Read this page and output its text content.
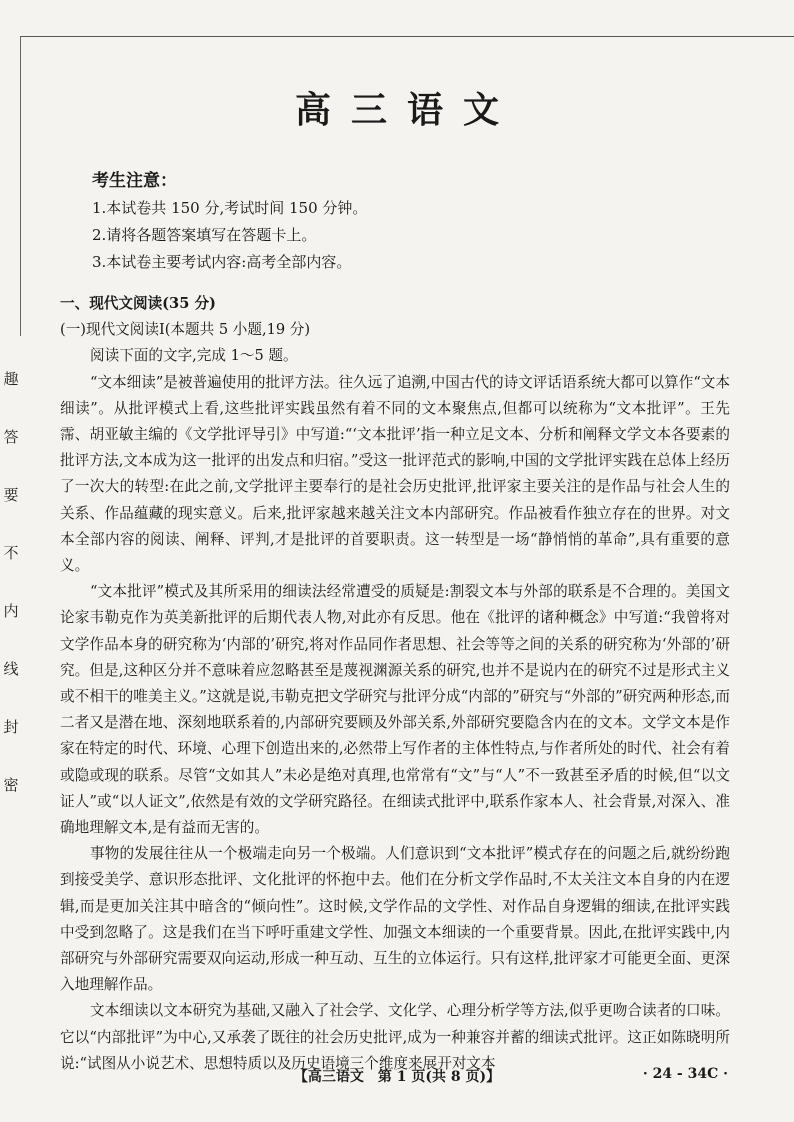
趣
答
要
不
内
线
封
密
高三语文
考生注意：
1.本试卷共 150 分,考试时间 150 分钟。
2.请将各题答案填写在答题卡上。
3.本试卷主要考试内容:高考全部内容。

一、现代文阅读(35 分)

(一)现代文阅读Ⅰ(本题共 5 小题,19 分)

阅读下面的文字,完成 1～5 题。

“文本细读”是被普遍使用的批评方法。往久远了追溯,中国古代的诗文评话语系统大都可以算作“文本细读”。从批评模式上看,这些批评实践虽然有着不同的文本聚焦点,但都可以统称为“文本批评”。王先霈、胡亚敏主编的《文学批评导引》中写道:“‘文本批评’指一种立足文本、分析和阐释文学文本各要素的批评方法,文本成为这一批评的出发点和归宿。”受这一批评范式的影响,中国的文学批评实践在总体上经历了一次大的转型:在此之前,文学批评主要奉行的是社会历史批评,批评家主要关注的是作品与社会人生的关系、作品蕴藏的现实意义。后来,批评家越来越关注文本内部研究。作品被看作独立存在的世界。对文本全部内容的阅读、阐释、评判,才是批评的首要职责。这一转型是一场“静悄悄的革命”,具有重要的意义。

“文本批评”模式及其所采用的细读法经常遭受的质疑是:割裂文本与外部的联系是不合理的。美国文论家韦勒克作为英美新批评的后期代表人物,对此亦有反思。他在《批评的诸种概念》中写道:“我曾将对文学作品本身的研究称为‘内部的’研究,将对作品同作者思想、社会等等之间的关系的研究称为‘外部的’研究。但是,这种区分并不意味着应忽略甚至是蔑视渊源关系的研究,也并不是说内在的研究不过是形式主义或不相干的唯美主义。”这就是说,韦勒克把文学研究与批评分成“内部的”研究与“外部的”研究两种形态,而二者又是潜在地、深刻地联系着的,内部研究要顾及外部关系,外部研究要隐含内在的文本。文学文本是作家在特定的时代、环境、心理下创造出来的,必然带上写作者的主体性特点,与作者所处的时代、社会有着或隐或现的联系。尽管“文如其人”未必是绝对真理,也常常有“文”与“人”不一致甚至矛盾的时候,但“以文证人”或“以人证文”,依然是有效的文学研究路径。在细读式批评中,联系作家本人、社会背景,对深入、准确地理解文本,是有益而无害的。

事物的发展往往从一个极端走向另一个极端。人们意识到“文本批评”模式存在的问题之后,就纷纷跑到接受美学、意识形态批评、文化批评的怀抱中去。他们在分析文学作品时,不太关注文本自身的内在逻辑,而是更加关注其中暗含的“倾向性”。这时候,文学作品的文学性、对作品自身逻辑的细读,在批评实践中受到忽略了。这是我们在当下呼吁重建文学性、加强文本细读的一个重要背景。因此,在批评实践中,内部研究与外部研究需要双向运动,形成一种互动、互生的立体运行。只有这样,批评家才可能更全面、更深入地理解作品。

文本细读以文本研究为基础,又融入了社会学、文化学、心理分析学等方法,似乎更吻合读者的口味。它以“内部批评”为中心,又承袭了既往的社会历史批评,成为一种兼容并蓄的细读式批评。这正如陈晓明所说:“试图从小说艺术、思想特质以及历史语境三个维度来展开对文本

【高三语文　第 1 页(共 8 页)】	· 24 - 34C ·
